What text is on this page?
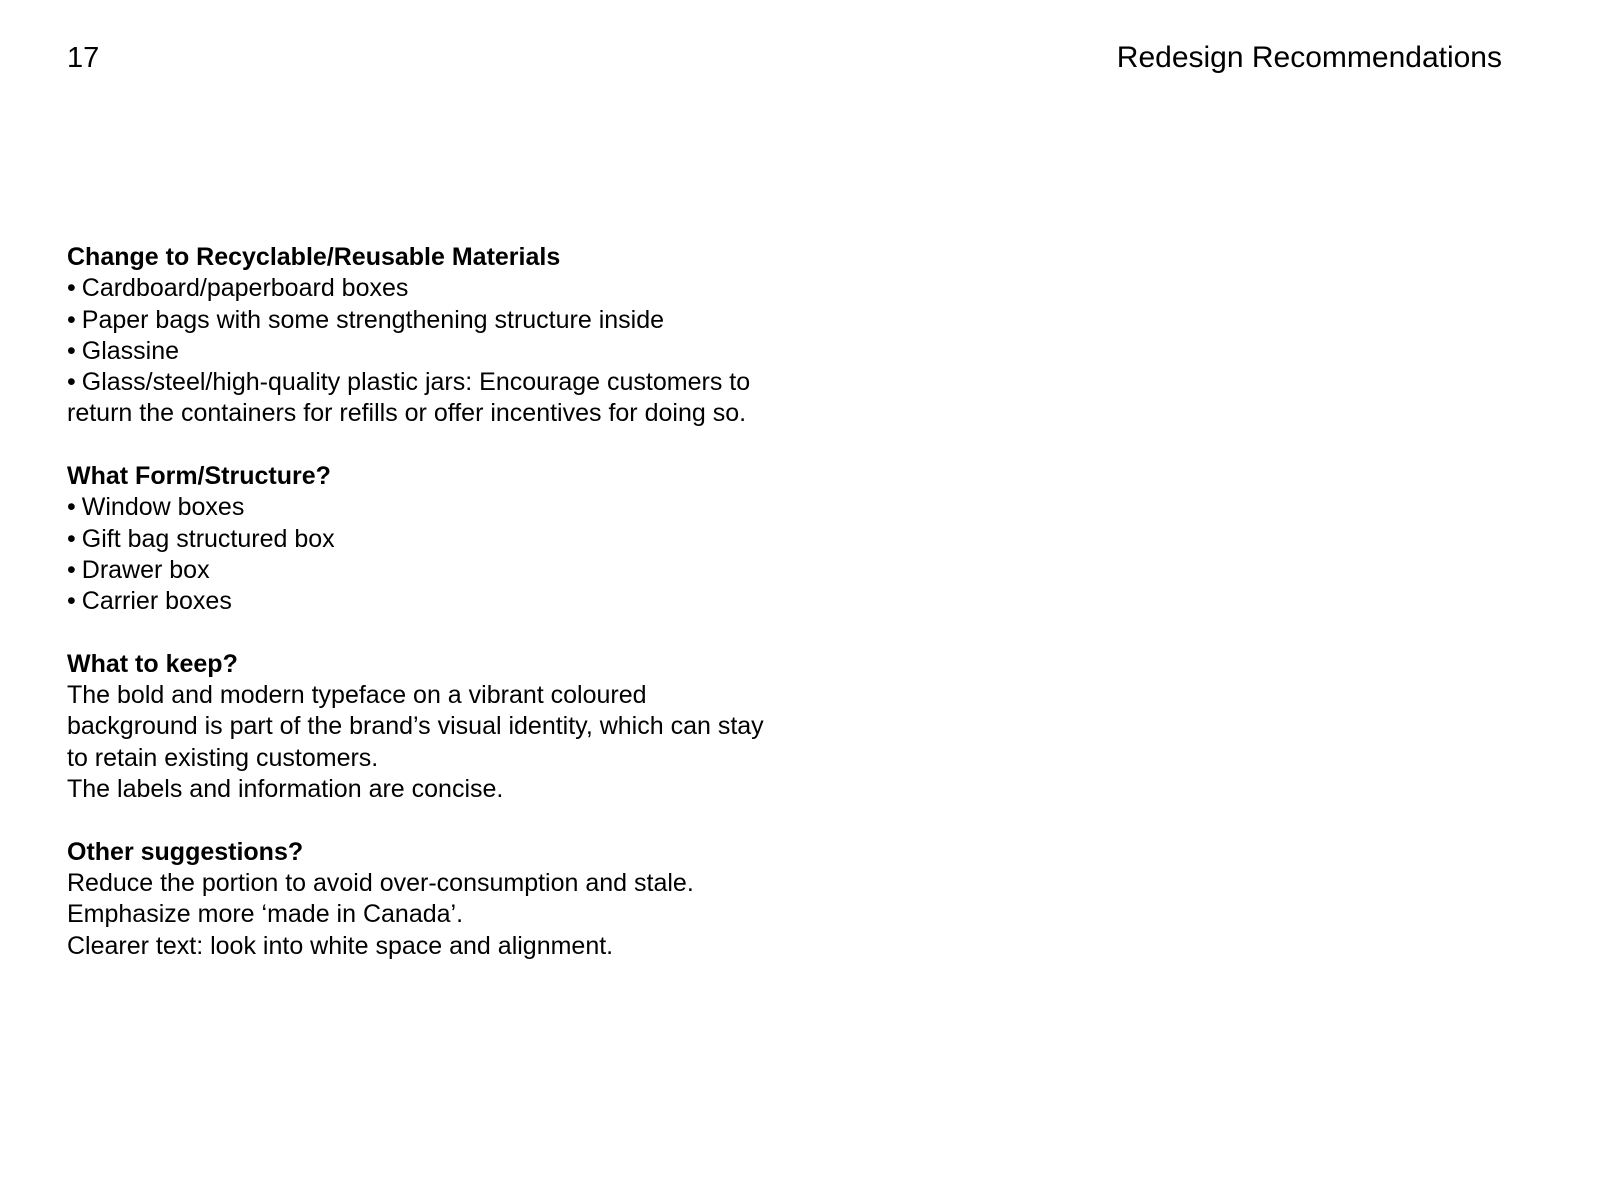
17	Redesign Recommendations
Change to Recyclable/Reusable Materials
• Cardboard/paperboard boxes
• Paper bags with some strengthening structure inside
• Glassine
• Glass/steel/high-quality plastic jars: Encourage customers to return the containers for refills or offer incentives for doing so.
What Form/Structure?
• Window boxes
• Gift bag structured box
• Drawer box
• Carrier boxes
What to keep?
The bold and modern typeface on a vibrant coloured
background is part of the brand’s visual identity, which can stay
to retain existing customers.
The labels and information are concise.
Other suggestions?
Reduce the portion to avoid over-consumption and stale.
Emphasize more ‘made in Canada’.
Clearer text: look into white space and alignment.
